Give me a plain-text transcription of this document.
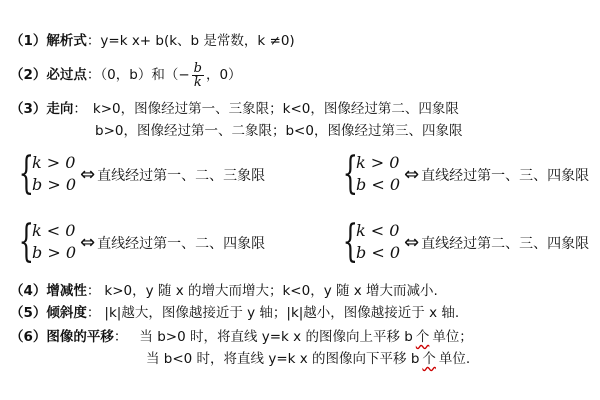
（1）解析式：y=k x+ b(k、b 是常数，k ≠0)
（2）必过点：（0，b）和（− $\frac{b}{k}$ ，0）
（3）走向： k>0，图像经过第一、三象限；k<0，图像经过第二、四象限
b>0，图像经过第一、二象限；b<0，图像经过第三、四象限
{
k > 0
b > 0 ⇔ 直线经过第一、二、三象限 {
k > 0
b < 0 ⇔ 直线经过第一、三、四象限
{
k < 0
b > 0 ⇔ 直线经过第一、二、四象限 {
k < 0
b < 0 ⇔ 直线经过第二、三、四象限
（4）增减性： k>0，y 随 x 的增大而增大；k<0，y 随 x 增大而减小.
（5）倾斜度： |k|越大，图像越接近于 y 轴；|k|越小，图像越接近于 x 轴.
（6）图像的平移： 当 b>0 时，将直线 y=k x 的图像向上平移 b 个 单位；
当 b<0 时，将直线 y=k x 的图像向下平移 b 个 单位.
